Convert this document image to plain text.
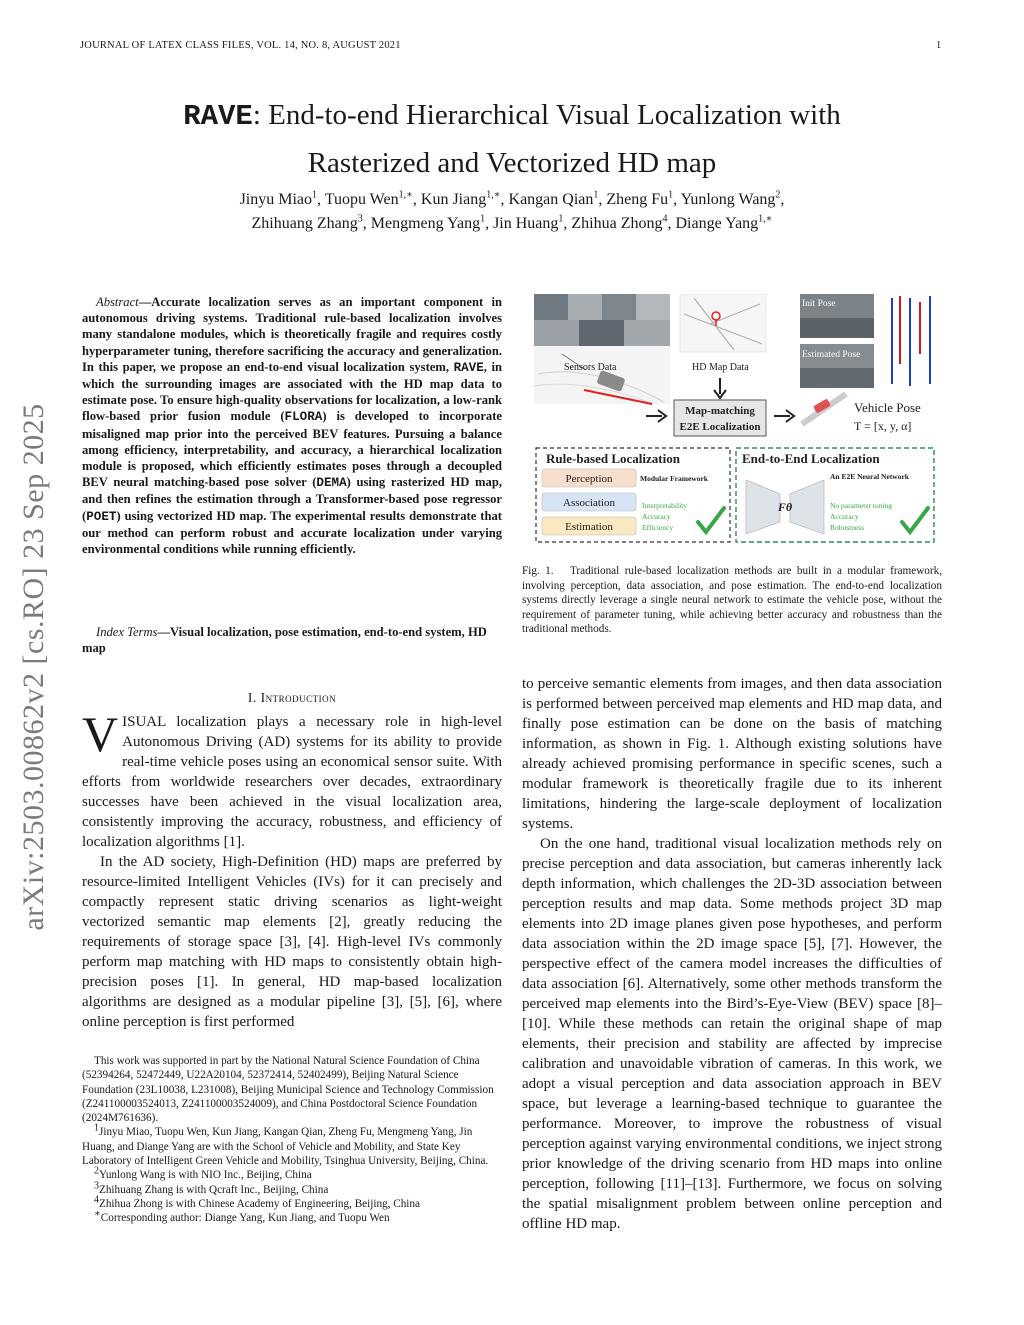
JOURNAL OF LATEX CLASS FILES, VOL. 14, NO. 8, AUGUST 2021	1
arXiv:2503.00862v2 [cs.RO] 23 Sep 2025
RAVE: End-to-end Hierarchical Visual Localization with
Rasterized and Vectorized HD map
Jinyu Miao$^1$, Tuopu Wen$^{1,∗}$, Kun Jiang$^{1,∗}$, Kangan Qian$^1$, Zheng Fu$^1$, Yunlong Wang$^2$,
Zhihuang Zhang$^3$, Mengmeng Yang$^1$, Jin Huang$^1$, Zhihua Zhong$^4$, Diange Yang$^{1,∗}$
Abstract—Accurate localization serves as an important component in autonomous driving systems. Traditional rule-based localization involves many standalone modules, which is theoretically fragile and requires costly hyperparameter tuning, therefore sacrificing the accuracy and generalization. In this paper, we propose an end-to-end visual localization system, RAVE, in which the surrounding images are associated with the HD map data to estimate pose. To ensure high-quality observations for localization, a low-rank flow-based prior fusion module (FLORA) is developed to incorporate misaligned map prior into the perceived BEV features. Pursuing a balance among efficiency, interpretability, and accuracy, a hierarchical localization module is proposed, which efficiently estimates poses through a decoupled BEV neural matching-based pose solver (DEMA) using rasterized HD map, and then refines the estimation through a Transformer-based pose regressor (POET) using vectorized HD map. The experimental results demonstrate that our method can perform robust and accurate localization under varying environmental conditions while running efficiently.
Index Terms—Visual localization, pose estimation, end-to-end system, HD map
I. Introduction

VISUAL localization plays a necessary role in high-level Autonomous Driving (AD) systems for its ability to provide real-time vehicle poses using an economical sensor suite. With efforts from worldwide researchers over decades, extraordinary successes have been achieved in the visual localization area, consistently improving the accuracy, robustness, and efficiency of localization algorithms [1].

In the AD society, High-Definition (HD) maps are preferred by resource-limited Intelligent Vehicles (IVs) for it can precisely and compactly represent static driving scenarios as light-weight vectorized semantic map elements [2], greatly reducing the requirements of storage space [3], [4]. High-level IVs commonly perform map matching with HD maps to consistently obtain high-precision poses [1]. In general, HD map-based localization algorithms are designed as a modular pipeline [3], [5], [6], where online perception is first performed

This work was supported in part by the National Natural Science Foundation of China (52394264, 52472449, U22A20104, 52372414, 52402499), Beijing Natural Science Foundation (23L10038, L231008), Beijing Municipal Science and Technology Commission (Z241100003524013, Z241100003524009), and China Postdoctoral Science Foundation (2024M761636).

$^1$Jinyu Miao, Tuopu Wen, Kun Jiang, Kangan Qian, Zheng Fu, Mengmeng Yang, Jin Huang, and Diange Yang are with the School of Vehicle and Mobility, and State Key Laboratory of Intelligent Green Vehicle and Mobility, Tsinghua University, Beijing, China.

$^2$Yunlong Wang is with NIO Inc., Beijing, China

$^3$Zhihuang Zhang is with Qcraft Inc., Beijing, China

$^4$Zhihua Zhong is with Chinese Academy of Engineering, Beijing, China

∗Corresponding author: Diange Yang, Kun Jiang, and Tuopu Wen

Sensors Data	HD Map Data
Init Pose
Estimated Pose
Map-matching
E2E Localization
Vehicle Pose
T = [x, y, α]
Rule-based Localization
Modular Framework
Perception
Association
Estimation
Interpretability
Accuracy
Efficiency
End-to-End Localization
An E2E Neural Network
Fθ	No parameter tuning
Accuracy
Robustness
Fig. 1. Traditional rule-based localization methods are built in a modular framework, involving perception, data association, and pose estimation. The end-to-end localization systems directly leverage a single neural network to estimate the vehicle pose, without the requirement of parameter tuning, while achieving better accuracy and robustness than the traditional methods.

to perceive semantic elements from images, and then data association is performed between perceived map elements and HD map data, and finally pose estimation can be done on the basis of matching information, as shown in Fig. 1. Although existing solutions have already achieved promising performance in specific scenes, such a modular framework is theoretically fragile due to its inherent limitations, hindering the large-scale deployment of localization systems.

On the one hand, traditional visual localization methods rely on precise perception and data association, but cameras inherently lack depth information, which challenges the 2D-3D association between perception results and map data. Some methods project 3D map elements into 2D image planes given pose hypotheses, and perform data association within the 2D image space [5], [7]. However, the perspective effect of the camera model increases the difficulties of data association [6]. Alternatively, some other methods transform the perceived map elements into the Bird’s-Eye-View (BEV) space [8]–[10]. While these methods can retain the original shape of map elements, their precision and stability are affected by imprecise calibration and unavoidable vibration of cameras. In this work, we adopt a visual perception and data association approach in BEV space, but leverage a learning-based technique to guarantee the performance. Moreover, to improve the robustness of visual perception against varying environmental conditions, we inject strong prior knowledge of the driving scenario from HD maps into online perception, following [11]–[13]. Furthermore, we focus on solving the spatial misalignment problem between online perception and offline HD map.
